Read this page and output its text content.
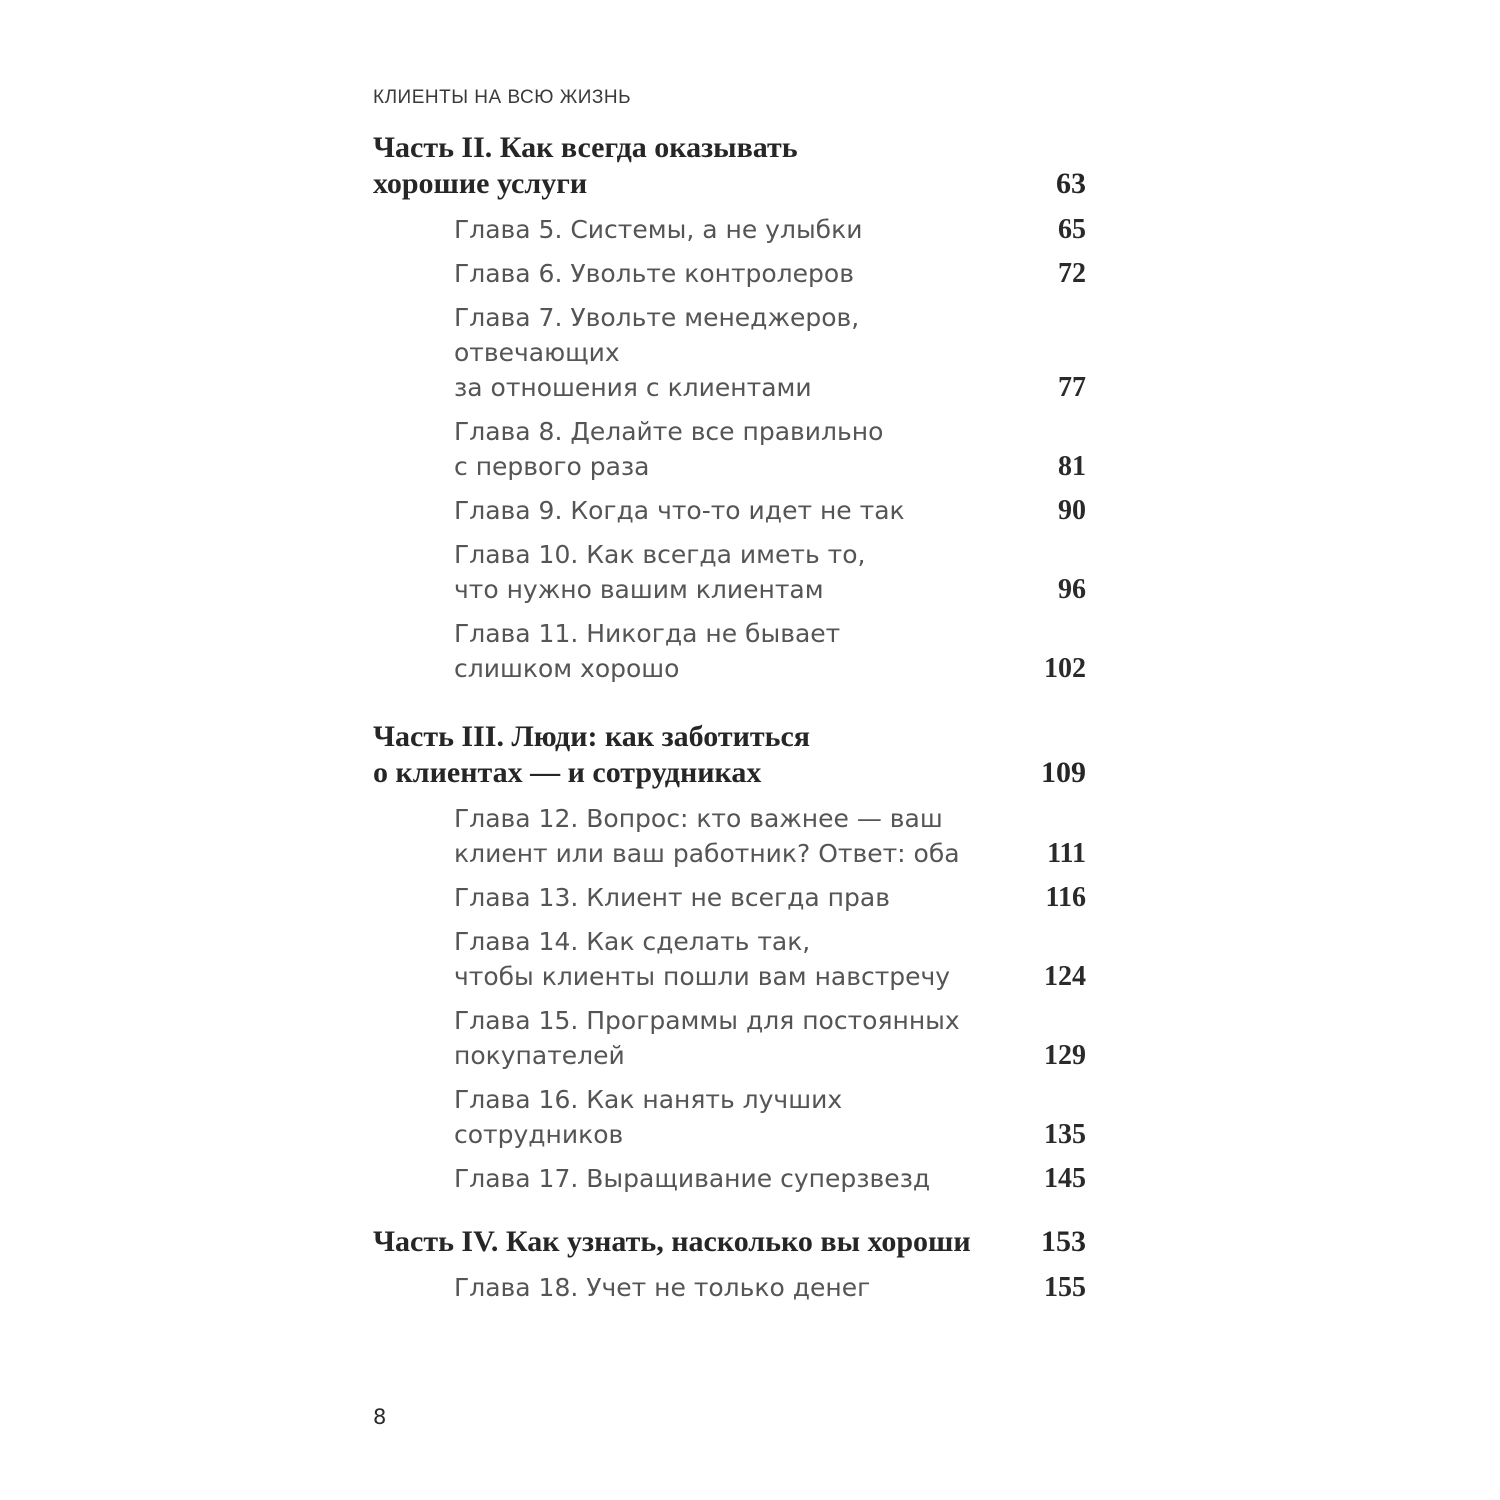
КЛИЕНТЫ НА ВСЮ ЖИЗНЬ
Часть II. Как всегда оказывать
хорошие услуги	63
Глава 5. Системы, а не улыбки	65
Глава 6. Увольте контролеров	72
Глава 7. Увольте менеджеров, отвечающих
за отношения с клиентами	77
Глава 8. Делайте все правильно
с первого раза	81
Глава 9. Когда что-то идет не так	90
Глава 10. Как всегда иметь то,
что нужно вашим клиентам	96
Глава 11. Никогда не бывает
слишком хорошо	102
Часть III. Люди: как заботиться
о клиентах — и сотрудниках	109
Глава 12. Вопрос: кто важнее — ваш
клиент или ваш работник? Ответ: оба	111
Глава 13. Клиент не всегда прав	116
Глава 14. Как сделать так,
чтобы клиенты пошли вам навстречу	124
Глава 15. Программы для постоянных
покупателей	129
Глава 16. Как нанять лучших
сотрудников	135
Глава 17. Выращивание суперзвезд	145
Часть IV. Как узнать, насколько вы хороши	153
Глава 18. Учет не только денег	155
8
